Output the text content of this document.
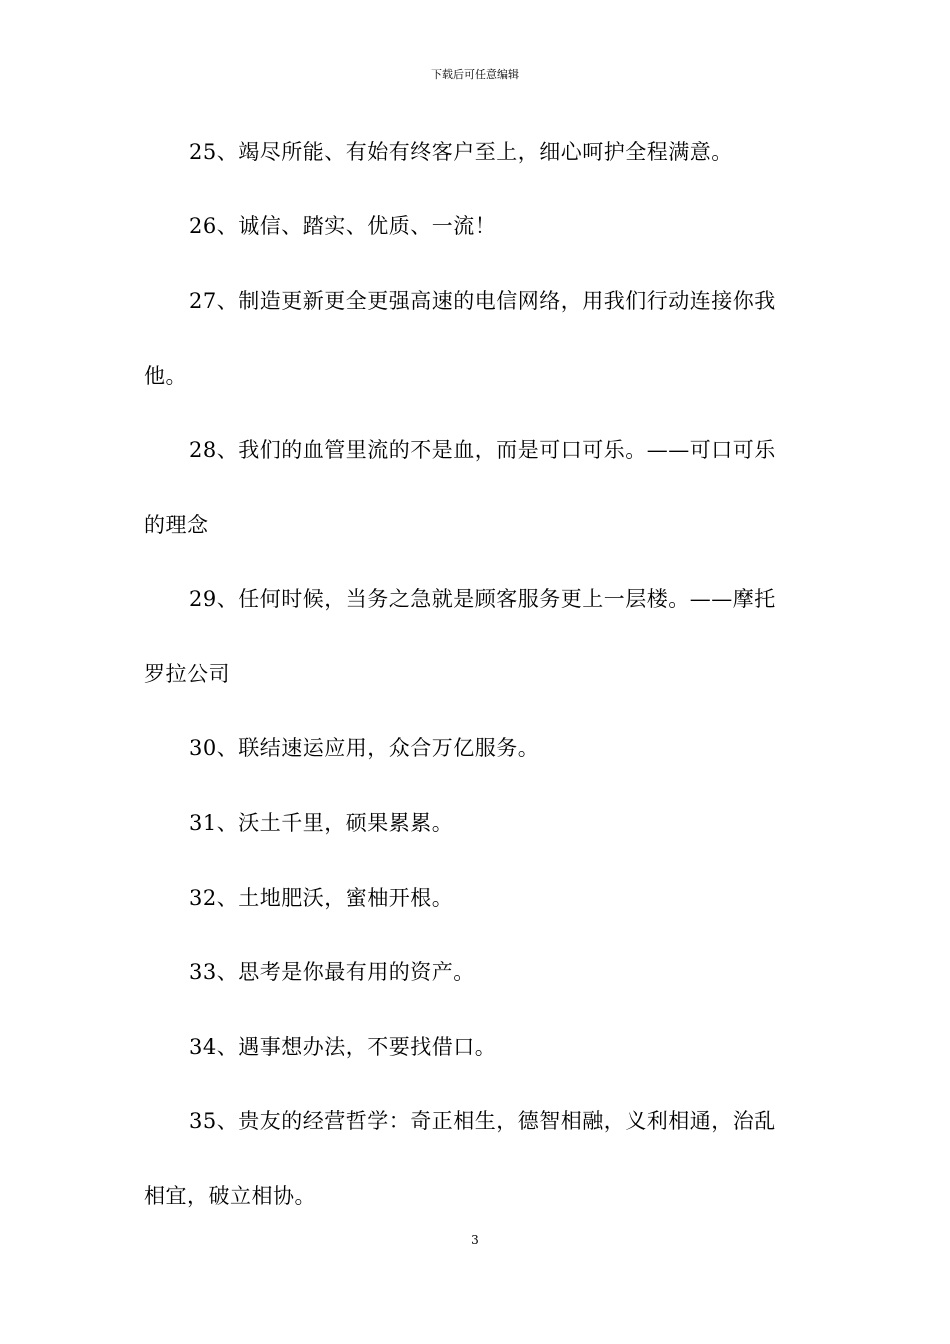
下载后可任意编辑
25、竭尽所能、有始有终客户至上，细心呵护全程满意。
26、诚信、踏实、优质、一流！
27、制造更新更全更强高速的电信网络，用我们行动连接你我
他。
28、我们的血管里流的不是血，而是可口可乐。——可口可乐
的理念
29、任何时候，当务之急就是顾客服务更上一层楼。——摩托
罗拉公司
30、联结速运应用，众合万亿服务。
31、沃土千里，硕果累累。
32、土地肥沃，蜜柚开根。
33、思考是你最有用的资产。
34、遇事想办法，不要找借口。
35、贵友的经营哲学：奇正相生，德智相融，义利相通，治乱
相宜，破立相协。
3
